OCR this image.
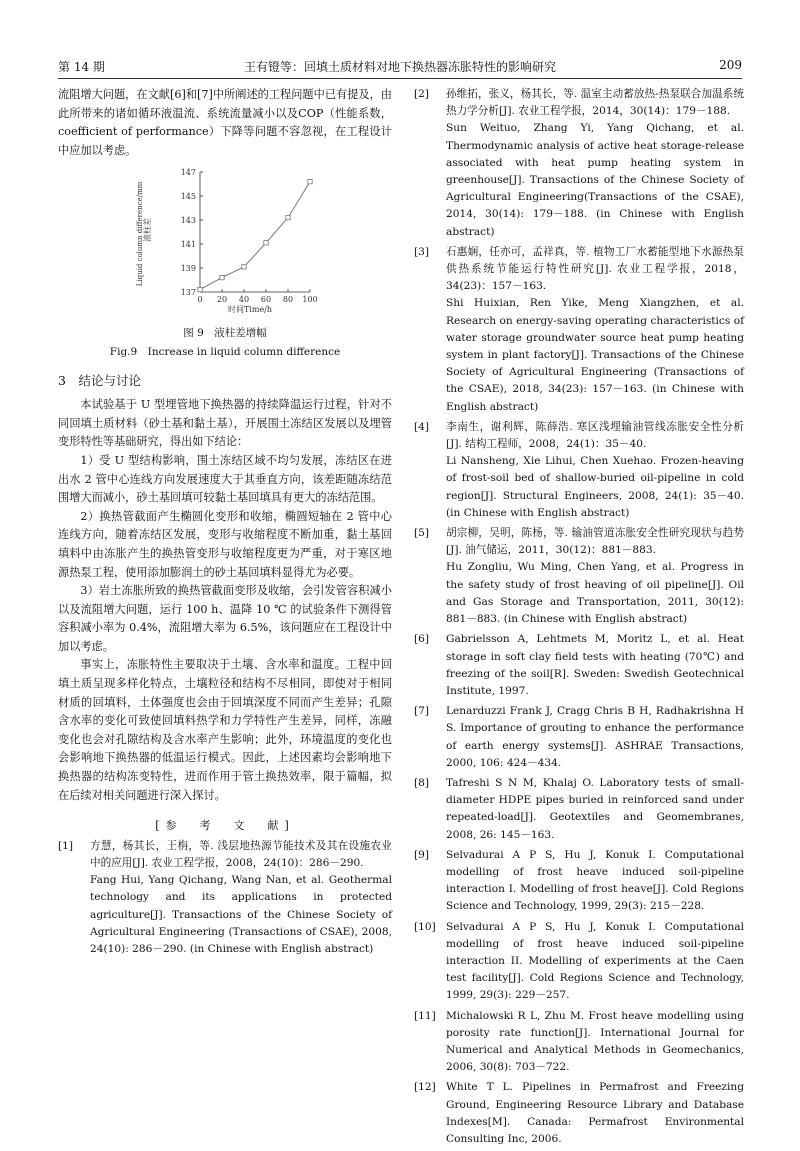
第 14 期	王有镫等：回填土质材料对地下换热器冻胀特性的影响研究	209

流阻增大问题，在文献[6]和[7]中所阐述的工程问题中已有提及，由此所带来的诸如循环液温流、系统流量减小以及COP（性能系数，coefficient of performance）下降等问题不容忽视，在工程设计中应加以考虑。

液柱差
Liquid column difference/mm
0 20 40 60 80 100
137
139
141
143
145
147
时间Time/h
图 9　液柱差增幅
Fig.9　Increase in liquid column difference
3　结论与讨论

本试验基于 U 型埋管地下换热器的持续降温运行过程，针对不同回填土质材料（砂土基和黏土基），开展围土冻结区发展以及埋管变形特性等基础研究，得出如下结论：

1）受 U 型结构影响，围土冻结区域不均匀发展，冻结区在进出水 2 管中心连线方向发展速度大于其垂直方向，该差距随冻结范围增大而减小，砂土基回填可较黏土基回填具有更大的冻结范围。

2）换热管截面产生椭圆化变形和收缩，椭圆短轴在 2 管中心连线方向，随着冻结区发展，变形与收缩程度不断加重，黏土基回填料中由冻胀产生的换热管变形与收缩程度更为严重，对于寒区地源热泵工程，使用添加膨润土的砂土基回填料显得尤为必要。

3）岩土冻胀所致的换热管截面变形及收缩，会引发管容积减小以及流阻增大问题，运行 100 h、温降 10 ℃ 的试验条件下测得管容积减小率为 0.4%，流阻增大率为 6.5%，该问题应在工程设计中加以考虑。

事实上，冻胀特性主要取决于土壤、含水率和温度。工程中回填土质呈现多样化特点，土壤粒径和结构不尽相同，即使对于相同材质的回填料，土体强度也会由于回填深度不同而产生差异；孔隙含水率的变化可致使回填料热学和力学特性产生差异，同样，冻融变化也会对孔隙结构及含水率产生影响；此外，环境温度的变化也会影响地下换热器的低温运行模式。因此，上述因素均会影响地下换热器的结构冻变特性，进而作用于管土换热效率，限于篇幅，拟在后续对相关问题进行深入探讨。

[参　考　文　献]
[1] 方慧，杨其长，王栴，等. 浅层地热源节能技术及其在设施农业中的应用[J]. 农业工程学报，2008，24(10)：286－290.
Fang Hui, Yang Qichang, Wang Nan, et al. Geothermal technology and its applications in protected agriculture[J]. Transactions of the Chinese Society of Agricultural Engineering (Transactions of CSAE), 2008, 24(10): 286－290. (in Chinese with English abstract)
[2] 孙维拓，张义，杨其长，等. 温室主动蓄放热-热泵联合加温系统热力学分析[J]. 农业工程学报，2014，30(14)：179－188.
Sun Weituo, Zhang Yi, Yang Qichang, et al. Thermodynamic analysis of active heat storage-release associated with heat pump heating system in greenhouse[J]. Transactions of the Chinese Society of Agricultural Engineering(Transactions of the CSAE), 2014, 30(14): 179－188. (in Chinese with English abstract)
[3] 石惠娴，任亦可，孟祥真，等. 植物工厂水蓄能型地下水源热泵供热系统节能运行特性研究[J]. 农业工程学报，2018，34(23)：157－163.
Shi Huixian, Ren Yike, Meng Xiangzhen, et al. Research on energy-saving operating characteristics of water storage groundwater source heat pump heating system in plant factory[J]. Transactions of the Chinese Society of Agricultural Engineering (Transactions of the CSAE), 2018, 34(23): 157－163. (in Chinese with English abstract)
[4] 李南生，谢利辉，陈薛浩. 寒区浅埋输油管线冻胀安全性分析[J]. 结构工程师，2008，24(1)：35－40.
Li Nansheng, Xie Lihui, Chen Xuehao. Frozen-heaving of frost-soil bed of shallow-buried oil-pipeline in cold region[J]. Structural Engineers, 2008, 24(1): 35－40. (in Chinese with English abstract)
[5] 胡宗柳，吴明，陈杨，等. 输油管道冻胀安全性研究现状与趋势[J]. 油气储运，2011，30(12)：881－883.
Hu Zongliu, Wu Ming, Chen Yang, et al. Progress in the safety study of frost heaving of oil pipeline[J]. Oil and Gas Storage and Transportation, 2011, 30(12): 881－883. (in Chinese with English abstract)
[6] Gabrielsson A, Lehtmets M, Moritz L, et al. Heat storage in soft clay field tests with heating (70℃) and freezing of the soil[R]. Sweden: Swedish Geotechnical Institute, 1997.
[7] Lenarduzzi Frank J, Cragg Chris B H, Radhakrishna H S. Importance of grouting to enhance the performance of earth energy systems[J]. ASHRAE Transactions, 2000, 106: 424－434.
[8] Tafreshi S N M, Khalaj O. Laboratory tests of small-diameter HDPE pipes buried in reinforced sand under repeated-load[J]. Geotextiles and Geomembranes, 2008, 26: 145－163.
[9] Selvadurai A P S, Hu J, Konuk I. Computational modelling of frost heave induced soil-pipeline interaction I. Modelling of frost heave[J]. Cold Regions Science and Technology, 1999, 29(3): 215－228.
[10] Selvadurai A P S, Hu J, Konuk I. Computational modelling of frost heave induced soil-pipeline interaction II. Modelling of experiments at the Caen test facility[J]. Cold Regions Science and Technology, 1999, 29(3): 229－257.
[11] Michalowski R L, Zhu M. Frost heave modelling using porosity rate function[J]. International Journal for Numerical and Analytical Methods in Geomechanics, 2006, 30(8): 703－722.
[12] White T L. Pipelines in Permafrost and Freezing Ground, Engineering Resource Library and Database Indexes[M]. Canada: Permafrost Environmental Consulting Inc, 2006.
